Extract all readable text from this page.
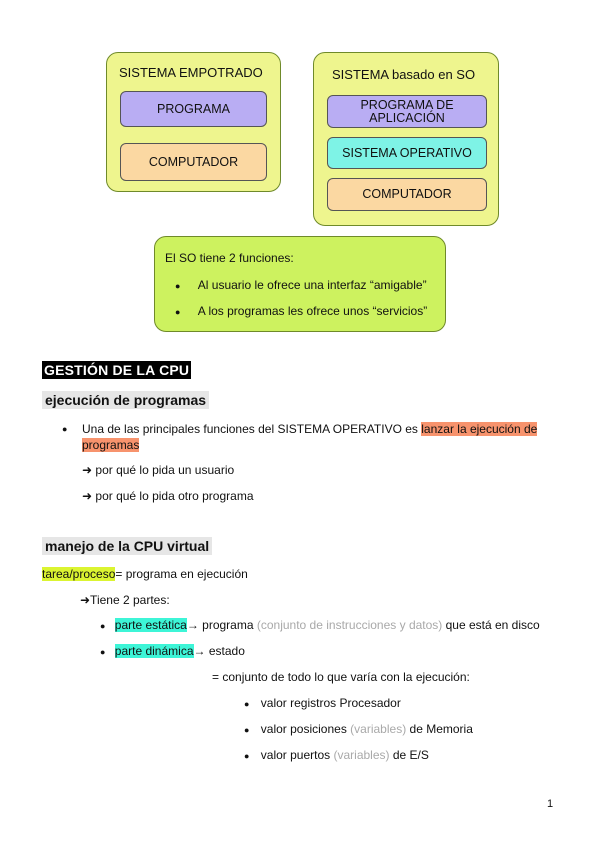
SISTEMA EMPOTRADO
PROGRAMA
COMPUTADOR
SISTEMA basado en SO
PROGRAMA DE
APLICACIÓN
SISTEMA OPERATIVO
COMPUTADOR
El SO tiene 2 funciones:
● Al usuario le ofrece una interfaz “amigable”
● A los programas les ofrece unos “servicios”
GESTIÓN DE LA CPU
ejecución de programas
● Una de las principales funciones del SISTEMA OPERATIVO es lanzar la ejecución de
programas
➜ por qué lo pida un usuario
➜ por qué lo pida otro programa
manejo de la CPU virtual
tarea/proceso= programa en ejecución
➜Tiene 2 partes:
● parte estática→ programa (conjunto de instrucciones y datos) que está en disco
● parte dinámica→ estado
= conjunto de todo lo que varía con la ejecución:
● valor registros Procesador
● valor posiciones (variables) de Memoria
● valor puertos (variables) de E/S
1
